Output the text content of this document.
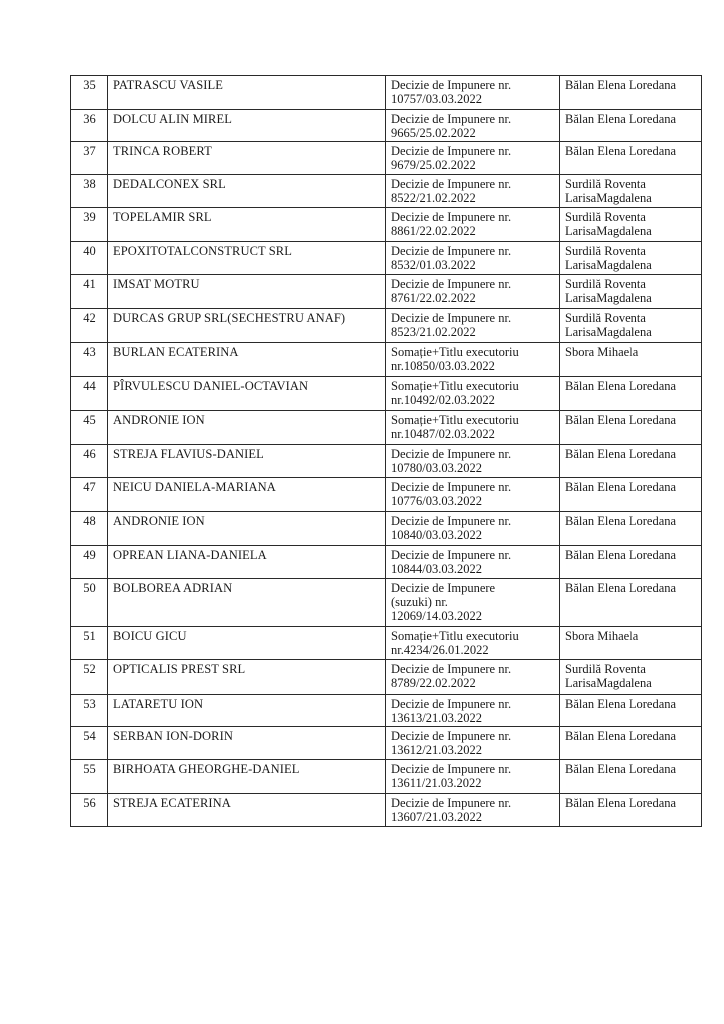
35	PATRASCU VASILE	Decizie de Impunere nr.
10757/03.03.2022	Bălan Elena Loredana
36	DOLCU ALIN MIREL	Decizie de Impunere nr.
9665/25.02.2022	Bălan Elena Loredana
37	TRINCA ROBERT	Decizie de Impunere nr.
9679/25.02.2022	Bălan Elena Loredana
38	DEDALCONEX SRL	Decizie de Impunere nr.
8522/21.02.2022	Surdilă Roventa LarisaMagdalena
39	TOPELAMIR SRL	Decizie de Impunere nr.
8861/22.02.2022	Surdilă Roventa LarisaMagdalena
40	EPOXITOTALCONSTRUCT SRL	Decizie de Impunere nr.
8532/01.03.2022	Surdilă Roventa LarisaMagdalena
41	IMSAT MOTRU	Decizie de Impunere nr.
8761/22.02.2022	Surdilă Roventa LarisaMagdalena
42	DURCAS GRUP SRL(SECHESTRU ANAF)	Decizie de Impunere nr.
8523/21.02.2022	Surdilă Roventa LarisaMagdalena
43	BURLAN ECATERINA	Somație+Titlu executoriu
nr.10850/03.03.2022	Sbora Mihaela
44	PÎRVULESCU DANIEL-OCTAVIAN	Somație+Titlu executoriu
nr.10492/02.03.2022	Bălan Elena Loredana
45	ANDRONIE ION	Somație+Titlu executoriu
nr.10487/02.03.2022	Bălan Elena Loredana
46	STREJA FLAVIUS-DANIEL	Decizie de Impunere nr.
10780/03.03.2022	Bălan Elena Loredana
47	NEICU DANIELA-MARIANA	Decizie de Impunere nr.
10776/03.03.2022	Bălan Elena Loredana
48	ANDRONIE ION	Decizie de Impunere nr.
10840/03.03.2022	Bălan Elena Loredana
49	OPREAN LIANA-DANIELA	Decizie de Impunere nr.
10844/03.03.2022	Bălan Elena Loredana
50	BOLBOREA ADRIAN	Decizie de Impunere
(suzuki) nr.
12069/14.03.2022	Bălan Elena Loredana
51	BOICU GICU	Somație+Titlu executoriu
nr.4234/26.01.2022	Sbora Mihaela
52	OPTICALIS PREST SRL	Decizie de Impunere nr.
8789/22.02.2022	Surdilă Roventa LarisaMagdalena
53	LATARETU ION	Decizie de Impunere nr.
13613/21.03.2022	Bălan Elena Loredana
54	SERBAN ION-DORIN	Decizie de Impunere nr.
13612/21.03.2022	Bălan Elena Loredana
55	BIRHOATA GHEORGHE-DANIEL	Decizie de Impunere nr.
13611/21.03.2022	Bălan Elena Loredana
56	STREJA ECATERINA	Decizie de Impunere nr.
13607/21.03.2022	Bălan Elena Loredana
